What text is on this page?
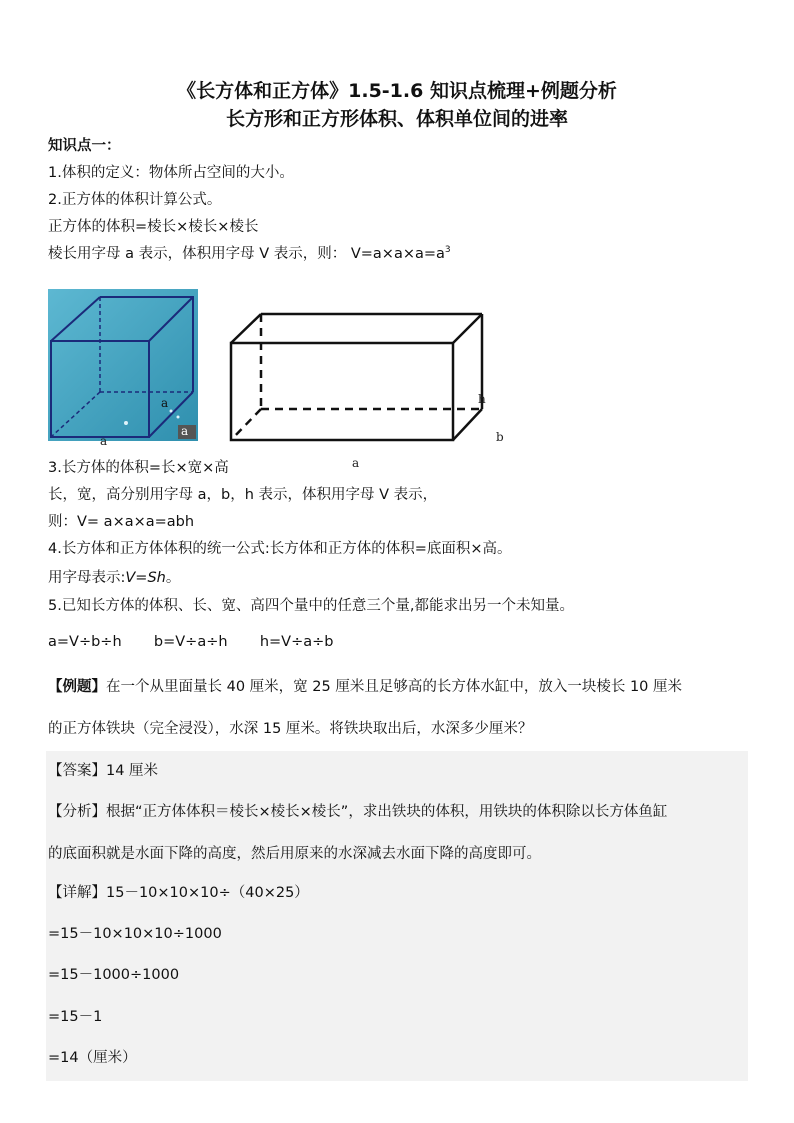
《长方体和正方体》1.5-1.6 知识点梳理+例题分析
长方形和正方形体积、体积单位间的进率
知识点一：
1.体积的定义：物体所占空间的大小。
2.正方体的体积计算公式。
正方体的体积=棱长×棱长×棱长
棱长用字母 a 表示，体积用字母 V 表示，则： $V=a\times a\times a=a^3$
a
a
a
h
b
a
3.长方体的体积=长×宽×高
长，宽，高分别用字母 a，b，h 表示，体积用字母 V 表示，
则：V= a×a×a=abh
4.长方体和正方体体积的统一公式:长方体和正方体的体积=底面积×高。
用字母表示:V=Sh。
5.已知长方体的体积、长、宽、高四个量中的任意三个量,都能求出另一个未知量。
a=V÷b÷h       b=V÷a÷h       h=V÷a÷b
【例题】在一个从里面量长 40 厘米，宽 25 厘米且足够高的长方体水缸中，放入一块棱长 10 厘米
的正方体铁块（完全浸没），水深 15 厘米。将铁块取出后，水深多少厘米？
【答案】14 厘米
【分析】根据“正方体体积＝棱长×棱长×棱长”，求出铁块的体积，用铁块的体积除以长方体鱼缸
的底面积就是水面下降的高度，然后用原来的水深减去水面下降的高度即可。
【详解】15－10×10×10÷（40×25）
=15－10×10×10÷1000
=15－1000÷1000
=15－1
=14（厘米）
